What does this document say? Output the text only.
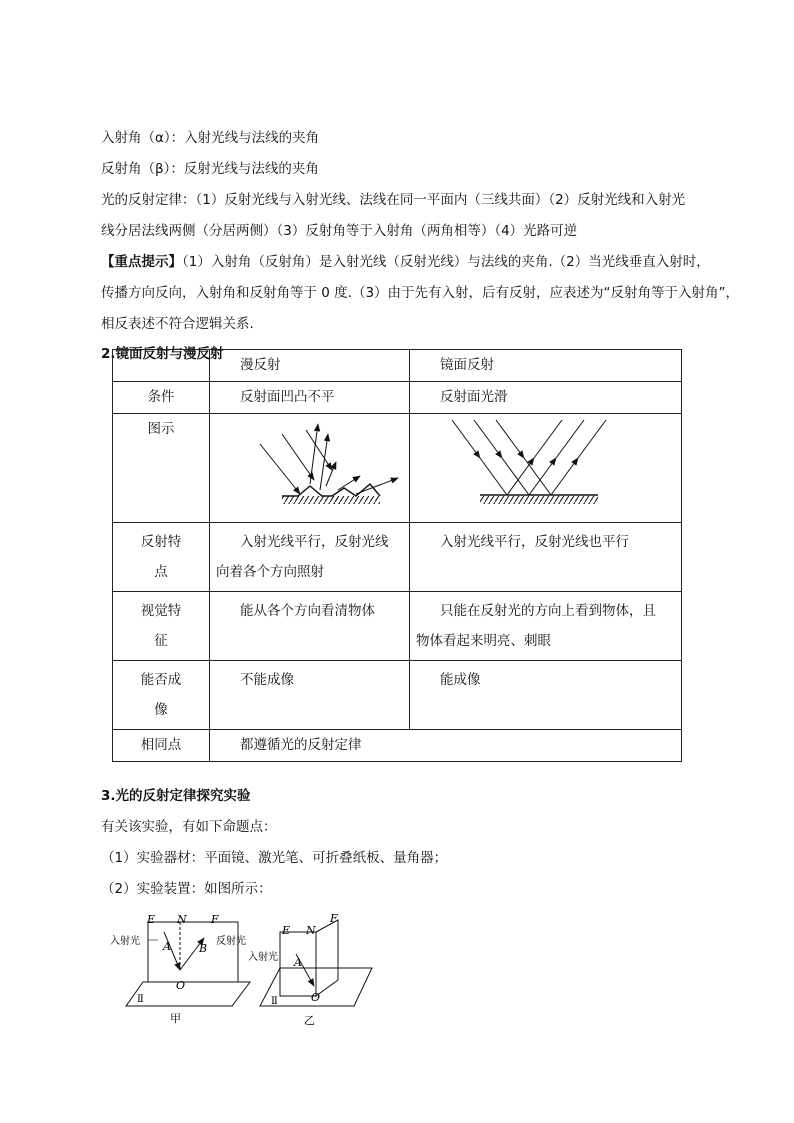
入射角（α）：入射光线与法线的夹角
反射角（β）：反射光线与法线的夹角
光的反射定律：（1）反射光线与入射光线、法线在同一平面内（三线共面）（2）反射光线和入射光
线分居法线两侧（分居两侧）（3）反射角等于入射角（两角相等）（4）光路可逆
【重点提示】（1）入射角（反射角）是入射光线（反射光线）与法线的夹角.（2）当光线垂直入射时，
传播方向反向，入射角和反射角等于 0 度.（3）由于先有入射，后有反射，应表述为“反射角等于入射角”，
相反表述不符合逻辑关系.
2.镜面反射与漫反射

	漫反射	镜面反射

条件	反射面凹凸不平	反射面光滑

图示

反射特
点	入射光线平行，反射光线
向着各个方向照射	入射光线平行，反射光线也平行

视觉特
征	能从各个方向看清物体	只能在反射光的方向上看到物体，且
物体看起来明亮、刺眼

能否成
像	不能成像	能成像

相同点	都遵循光的反射定律	
3.光的反射定律探究实验
有关该实验，有如下命题点：
（1）实验器材：平面镜、激光笔、可折叠纸板、量角器；
（2）实验装置：如图所示：
E N F
A	B
O
入射光	反射光
Ⅱ
甲
E N
F
A
O
入射光
Ⅱ
乙
